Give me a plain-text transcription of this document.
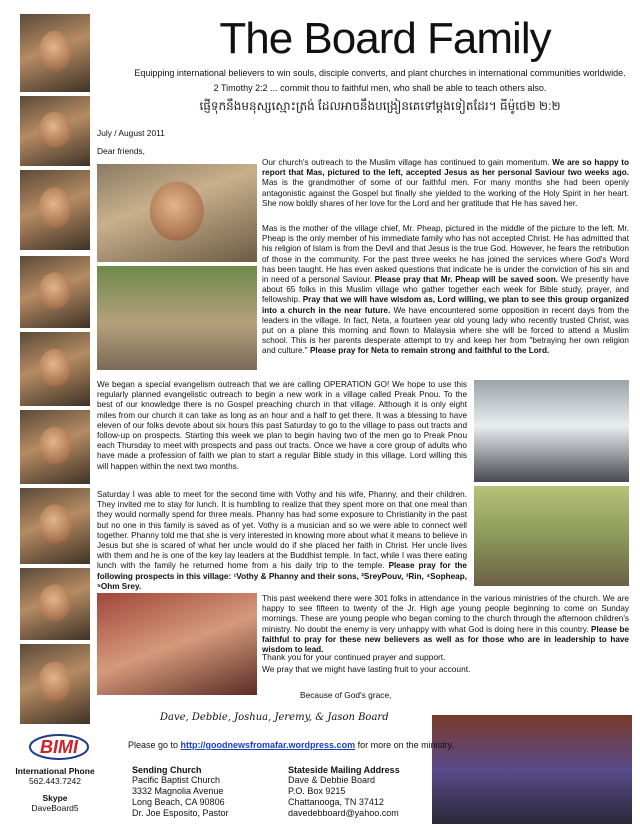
The Board Family
Equipping international believers to win souls, disciple converts, and plant churches in international communities worldwide.
2 Timothy 2:2 ... commit thou to faithful men, who shall be able to teach others also.
ផ្ញើទុកនឹងមនុស្សស្មោះត្រង់ ដែលអាចនឹងបង្រៀនគេទៅម្តងទៀតដែរ។ ធីម៉ូថេ២ ២:២
July / August 2011
Dear friends,

Our church's outreach to the Muslim village has continued to gain momentum. We are so happy to report that Mas, pictured to the left, accepted Jesus as her personal Saviour two weeks ago. Mas is the grandmother of some of our faithful men. For many months she had been openly antagonistic against the Gospel but finally she yielded to the working of the Holy Spirit in her heart. She now boldly shares of her love for the Lord and her gratitude that He has saved her.

Mas is the mother of the village chief, Mr. Pheap, pictured in the middle of the picture to the left. Mr. Pheap is the only member of his immediate family who has not accepted Christ. He has admitted that his religion of Islam is from the Devil and that Jesus is the true God. However, he fears the retribution of those in the community. For the past three weeks he has joined the services where God's Word has been taught. He has even asked questions that indicate he is under the conviction of his sin and in need of a personal Saviour. Please pray that Mr. Pheap will be saved soon. We presently have about 65 folks in this Muslim village who gather together each week for Bible study, prayer, and fellowship. Pray that we will have wisdom as, Lord willing, we plan to see this group organized into a church in the near future. We have encountered some opposition in recent days from the leaders in the village. In fact, Neta, a fourteen year old young lady who recently trusted Christ, was put on a plane this morning and flown to Malaysia where she will be forced to attend a Muslim school. This is her parents desperate attempt to try and keep her from "betraying her own religion and culture." Please pray for Neta to remain strong and faithful to the Lord.

We began a special evangelism outreach that we are calling OPERATION GO! We hope to use this regularly planned evangelistic outreach to begin a new work in a village called Preak Pnou. To the best of our knowledge there is no Gospel preaching church in that village. Although it is only eight miles from our church it can take as long as an hour and a half to get there. It was a blessing to have eleven of our folks devote about six hours this past Saturday to go to the village to pass out tracts and follow-up on prospects. Starting this week we plan to begin having two of the men go to Preak Pnou each Thursday to meet with prospects and pass out tracts. Once we have a core group of adults who have made a profession of faith we plan to start a regular Bible study in this village. Lord willing this will happen within the next two months.

Saturday I was able to meet for the second time with Vothy and his wife, Phanny, and their children. They invited me to stay for lunch. It is humbling to realize that they spent more on that one meal than they would normally spend for three meals. Phanny has had some exposure to Christianity in the past but no one in this family is saved as of yet. Vothy is a musician and so we were able to connect well together. Phanny told me that she is very interested in knowing more about what it means to believe in Jesus but she is scared of what her uncle would do if she placed her faith in Christ. Her uncle lives with them and he is one of the key lay leaders at the Buddhist temple. In fact, while I was there eating lunch with the family he returned home from a his daily trip to the temple. Please pray for the following prospects in this village: ¹Vothy & Phanny and their sons, ²SreyPouv, ³Rin, ⁴Sopheap, ⁵Ohm Srey.

This past weekend there were 301 folks in attendance in the various ministries of the church. We are happy to see fifteen to twenty of the Jr. High age young people beginning to come on Sunday mornings. These are young people who began coming to the church through the afternoon children's ministry. No doubt the enemy is very unhappy with what God is doing here in this country. Please be faithful to pray for these new believers as well as for those who are in leadership to have wisdom to lead.

Thank you for your continued prayer and support.
We pray that we might have lasting fruit to your account.
Because of God's grace,
Dave, Debbie, Joshua, Jeremy, & Jason Board
BIMI	Please go to http://goodnewsfromafar.wordpress.com for more on the ministry.
International Phone
562.443.7242
Skype
DaveBoard5
Sending Church
Pacific Baptist Church
3332 Magnolia Avenue
Long Beach, CA 90806
Dr. Joe Esposito, Pastor
Stateside Mailing Address
Dave & Debbie Board
P.O. Box 9215
Chattanooga, TN 37412
davedebboard@yahoo.com
